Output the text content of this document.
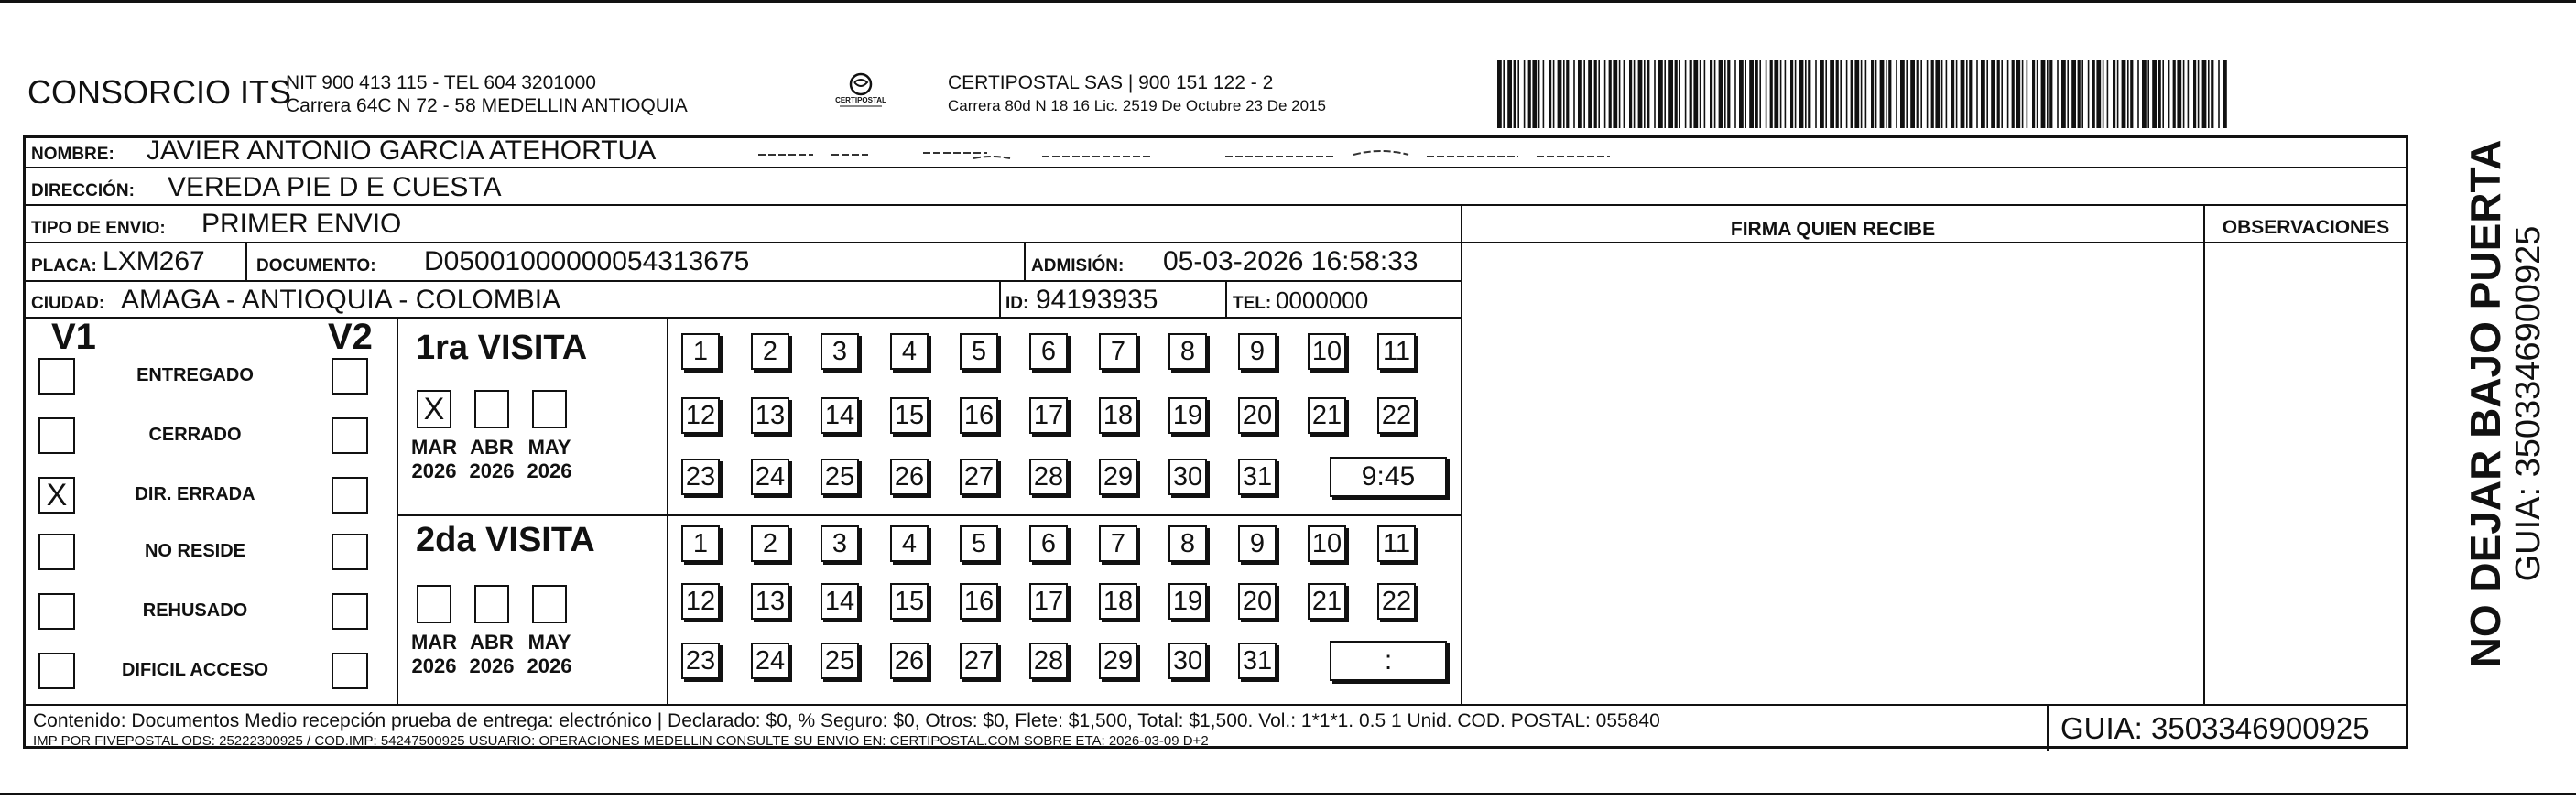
CONSORCIO ITS
NIT 900 413 115 - TEL 604 3201000
Carrera 64C N 72 - 58 MEDELLIN ANTIOQUIA	CERTIPOSTAL
CERTIPOSTAL SAS | 900 151 122 - 2
Carrera 80d N 18 16 Lic. 2519 De Octubre 23 De 2015
NOMBRE: JAVIER ANTONIO GARCIA ATEHORTUA
DIRECCIÓN: VEREDA PIE D E CUESTA
TIPO DE ENVIO: PRIMER ENVIO	FIRMA QUIEN RECIBE	OBSERVACIONES
PLACA: LXM267	DOCUMENTO: D05001000000054313675	ADMISIÓN: 05-03-2026 16:58:33
CIUDAD: AMAGA - ANTIOQUIA - COLOMBIA	ID: 94193935	TEL: 0000000
V1	V2
ENTREGADO
CERRADO
X	DIR. ERRADA
NO RESIDE
REHUSADO
DIFICIL ACCESO
1ra VISITA
X
MAR
2026
ABR
2026
MAY
2026
1	2	3	4	5	6	7	8	9	10 11
12 13 14 15 16 17 18 19 20 21 22
23 24 25 26 27 28 29 30 31	9:45
2da VISITA
MAR
2026
ABR
2026
MAY
2026
1	2	3	4	5	6	7	8	9	10 11
12 13 14 15 16 17 18 19 20 21 22
23 24 25 26 27 28 29 30 31	:
Contenido: Documentos Medio recepción prueba de entrega: electrónico | Declarado: $0, % Seguro: $0, Otros: $0, Flete: $1,500, Total: $1,500. Vol.: 1*1*1. 0.5 1 Unid. COD. POSTAL: 055840
IMP POR FIVEPOSTAL ODS: 25222300925 / COD.IMP: 54247500925 USUARIO: OPERACIONES MEDELLIN CONSULTE SU ENVIO EN: CERTIPOSTAL.COM SOBRE ETA: 2026-03-09 D+2	GUIA: 3503346900925
NO DEJAR BAJO PUERTA GUIA: 3503346900925
